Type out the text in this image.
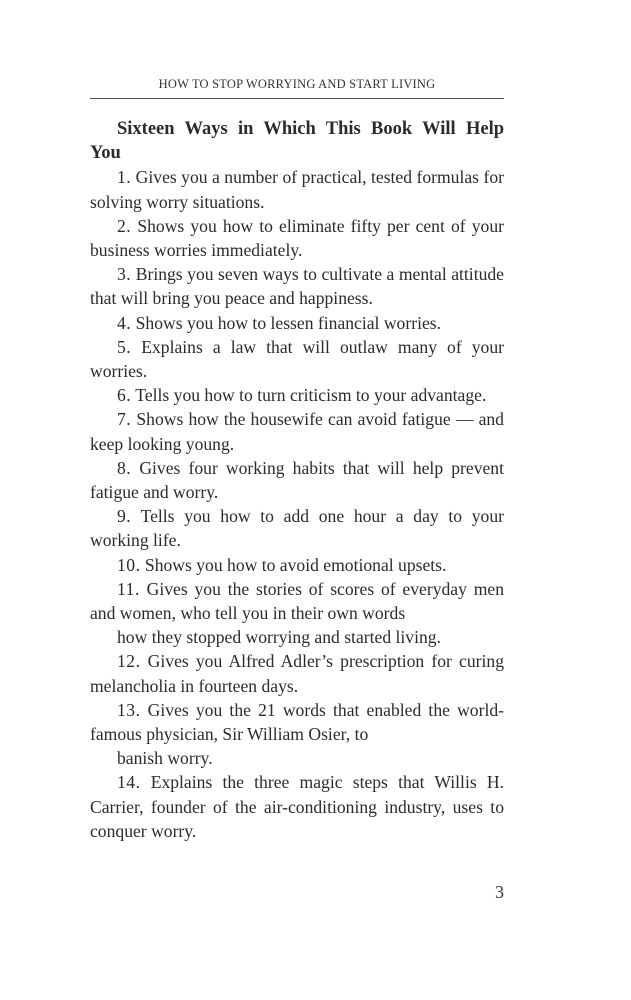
HOW TO STOP WORRYING AND START LIVING

Sixteen Ways in Which This Book Will Help You

1. Gives you a number of practical, tested formulas for solving worry situations.

2. Shows you how to eliminate fifty per cent of your business worries immediately.

3. Brings you seven ways to cultivate a mental attitude that will bring you peace and happiness.

4. Shows you how to lessen financial worries.

5. Explains a law that will outlaw many of your worries.

6. Tells you how to turn criticism to your advantage.

7. Shows how the housewife can avoid fatigue — and keep looking young.

8. Gives four working habits that will help prevent fatigue and worry.

9. Tells you how to add one hour a day to your working life.

10. Shows you how to avoid emotional upsets.

11. Gives you the stories of scores of everyday men and women, who tell you in their own words
how they stopped worrying and started living.

12. Gives you Alfred Adler’s prescription for curing melancholia in fourteen days.

13. Gives you the 21 words that enabled the world-famous physician, Sir William Osier, to
banish worry.

14. Explains the three magic steps that Willis H. Carrier, founder of the air-conditioning industry, uses to conquer worry.

3
